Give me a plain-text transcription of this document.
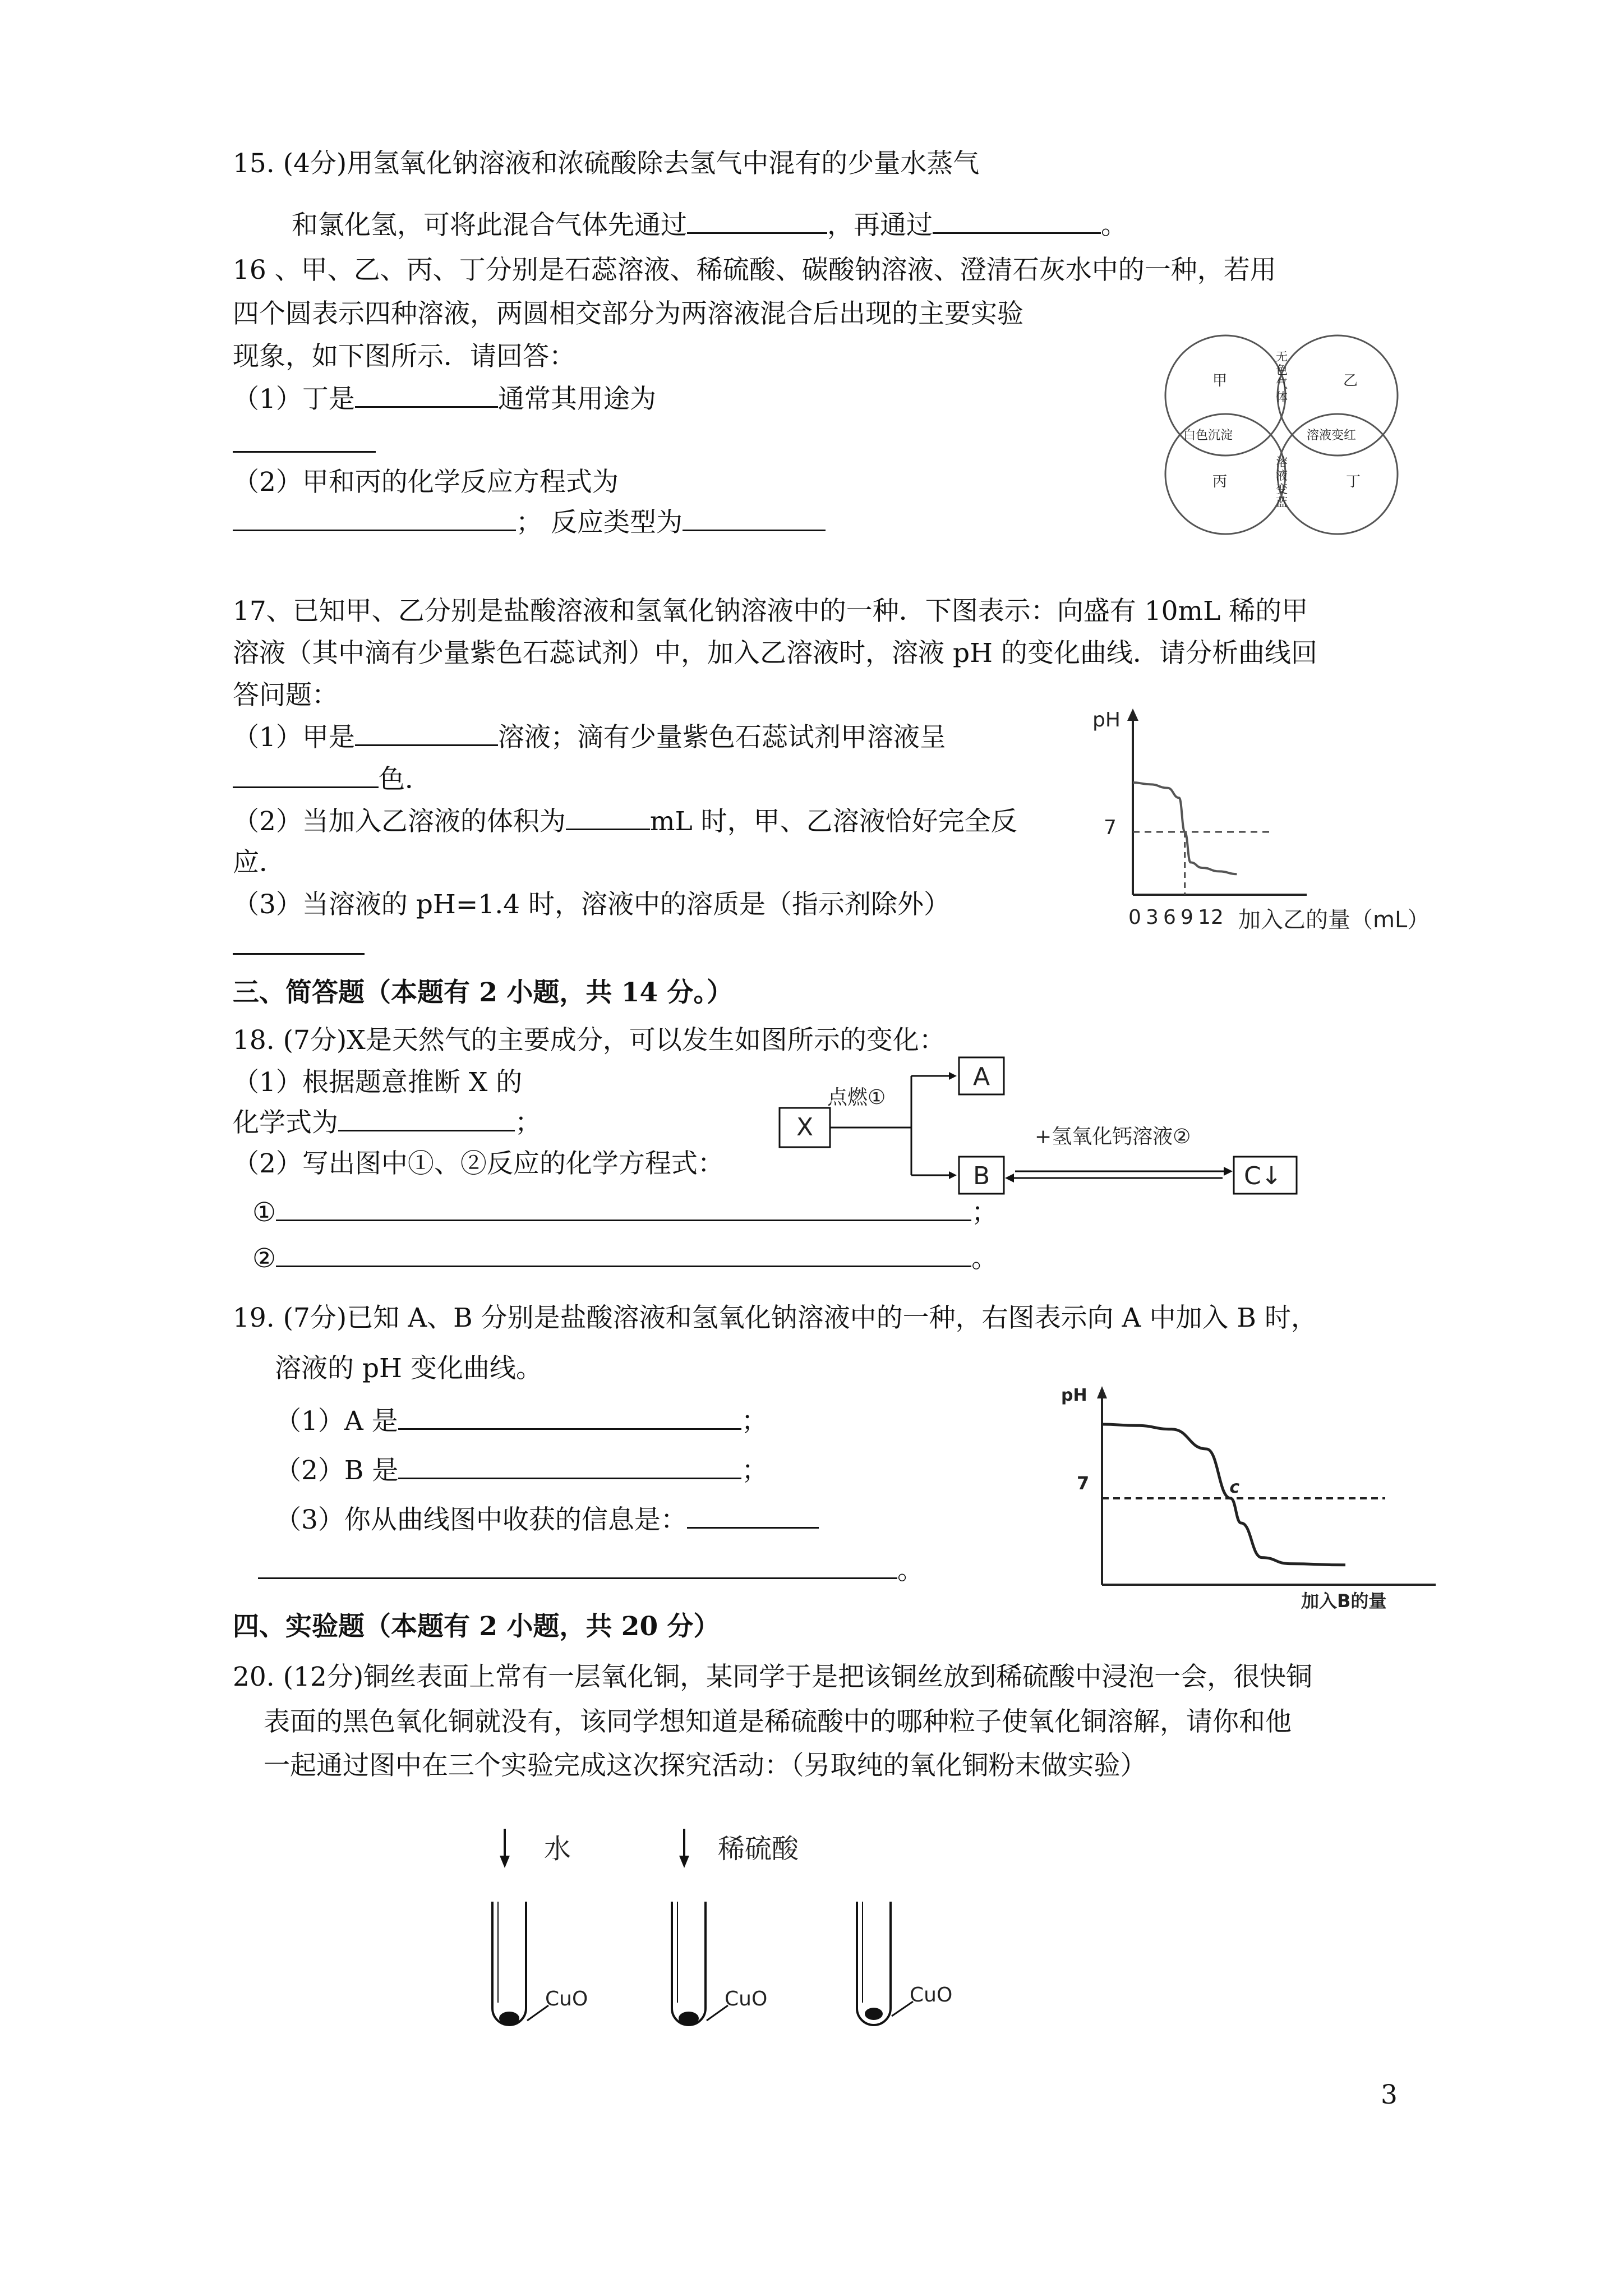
15. (4分)用氢氧化钠溶液和浓硫酸除去氢气中混有的少量水蒸气
和氯化氢，可将此混合气体先通过	，再通过	。
16 、甲、乙、丙、丁分别是石蕊溶液、稀硫酸、碳酸钠溶液、澄清石灰水中的一种，若用
四个圆表示四种溶液，两圆相交部分为两溶液混合后出现的主要实验
现象，如下图所示．请回答：
（1）丁是	通常其用途为
（2）甲和丙的化学反应方程式为
； 反应类型为
甲	乙
丙	丁
无
色
气
体
白色沉淀	溶液变红
溶
液
变
蓝
17、已知甲、乙分别是盐酸溶液和氢氧化钠溶液中的一种．下图表示：向盛有 10mL 稀的甲
溶液（其中滴有少量紫色石蕊试剂）中，加入乙溶液时，溶液 pH 的变化曲线．请分析曲线回
答问题：
（1）甲是	溶液；滴有少量紫色石蕊试剂甲溶液呈
色．
（2）当加入乙溶液的体积为	mL 时，甲、乙溶液恰好完全反
应．
（3）当溶液的 pH=1.4 时，溶液中的溶质是（指示剂除外）
pH
7
0 3 6 9 12 加入乙的量（mL）
三、简答题（本题有 2 小题，共 14 分。）
18. (7分)X是天然气的主要成分，可以发生如图所示的变化：
（1）根据题意推断 X 的
化学式为	；
（2）写出图中①、②反应的化学方程式：
①	；
②	。
X
点燃①
A
B
+氢氧化钙溶液②
C↓
19. (7分)已知 A、B 分别是盐酸溶液和氢氧化钠溶液中的一种，右图表示向 A 中加入 B 时，
溶液的 pH 变化曲线。
（1）A 是	；
（2）B 是	；
（3）你从曲线图中收获的信息是：
。
pH
7	c
加入B的量
四、实验题（本题有 2 小题，共 20 分）
20. (12分)铜丝表面上常有一层氧化铜，某同学于是把该铜丝放到稀硫酸中浸泡一会，很快铜
表面的黑色氧化铜就没有，该同学想知道是稀硫酸中的哪种粒子使氧化铜溶解，请你和他
一起通过图中在三个实验完成这次探究活动：（另取纯的氧化铜粉末做实验）
水
CuO
稀硫酸
CuO	CuO
3
